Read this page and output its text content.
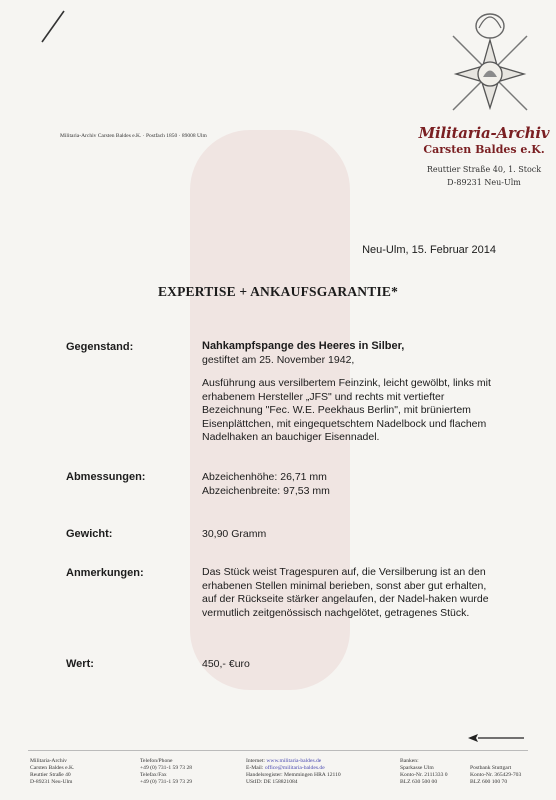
Militaria-Archiv Carsten Baldes e.K. · Postfach 1850 · 89008 Ulm	Militaria-Archiv
Carsten Baldes e.K.
Reuttier Straße 40, 1. Stock
D-89231 Neu-Ulm
Neu-Ulm, 15. Februar 2014
EXPERTISE + ANKAUFSGARANTIE*
Gegenstand:	Nahkampfspange des Heeres in Silber,

gestiftet am 25. November 1942,

Ausführung aus versilbertem Feinzink, leicht gewölbt, links mit erhabenem Hersteller „JFS" und rechts mit vertiefter Bezeichnung "Fec. W.E. Peekhaus Berlin", mit brüniertem Eisenplättchen, mit eingequetschtem Nadelbock und flachem Nadelhaken an bauchiger Eisennadel.

Abmessungen:	Abzeichenhöhe: 26,71 mm

Abzeichenbreite: 97,53 mm

Gewicht:	30,90 Gramm
Anmerkungen:	Das Stück weist Tragespuren auf, die Versilberung ist an den erhabenen Stellen minimal berieben, sonst aber gut erhalten, auf der Rückseite stärker angelaufen, der Nadel-haken wurde vermutlich zeitgenössisch nachgelötet, getragenes Stück.
Wert:	450,- €uro
Militaria-Archiv
Carsten Baldes e.K.
Reuttier Straße 40
D-89231 Neu-Ulm
Telefon/Phone
+49 (0) 731-1 59 73 28
Telefax/Fax
+49 (0) 731-1 59 73 29
Internet: www.militaria-baldes.de
E-Mail: office@militaria-baldes.de
Handelsregister: Memmingen HRA 12110
UStID: DE 158821084
Banken:
Sparkasse Ulm
Konto-Nr. 2111333 0
BLZ 630 500 00
Postbank Stuttgart
Konto-Nr. 365429-703
BLZ 600 100 70
